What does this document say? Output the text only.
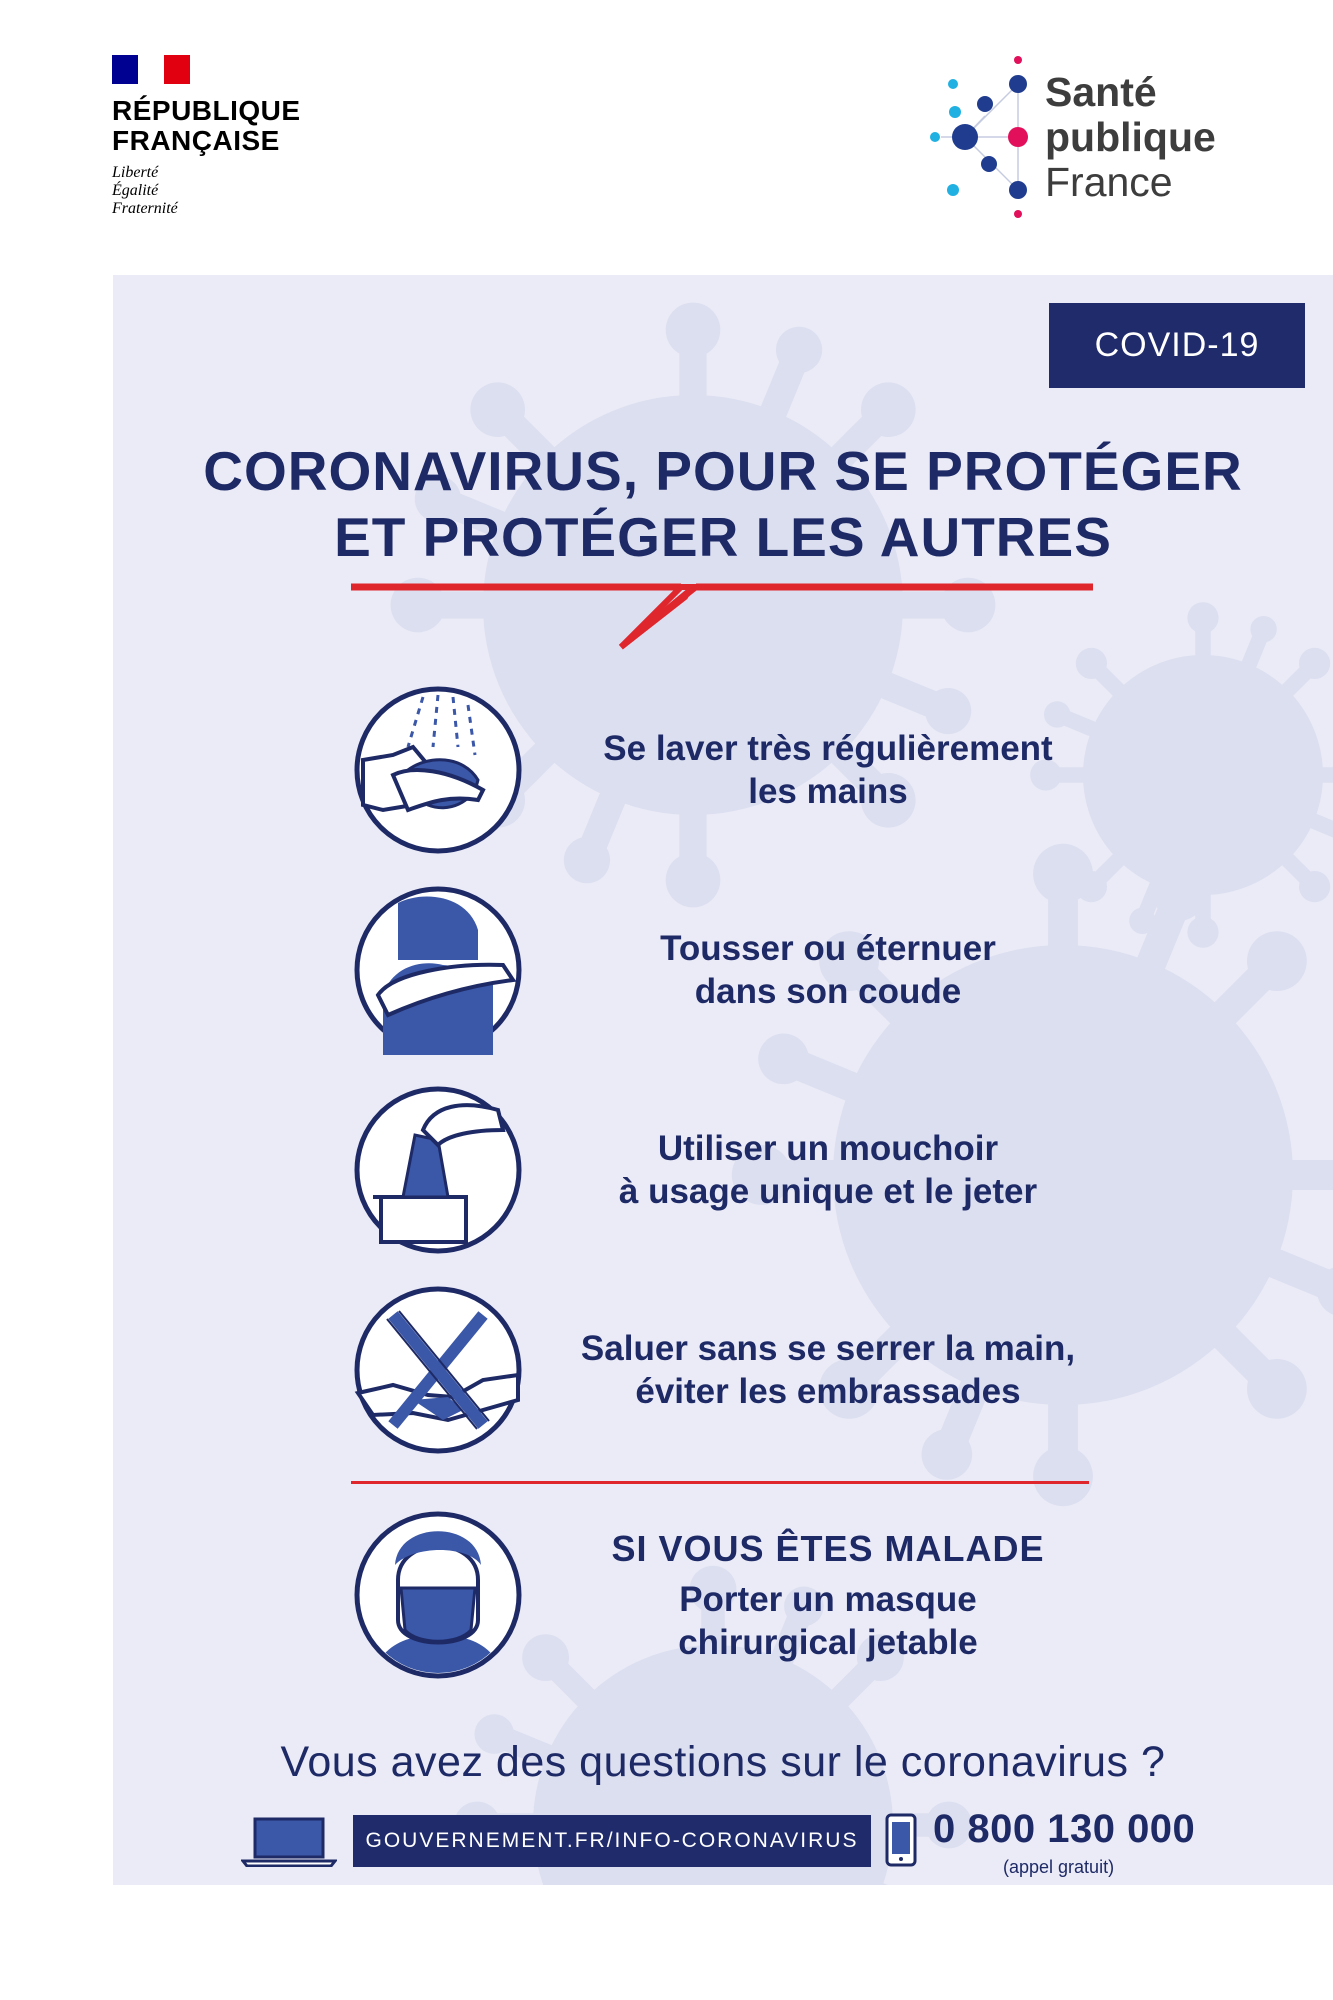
RÉPUBLIQUE
FRANÇAISE
Liberté
Égalité
Fraternité
Santé
publique
France
COVID-19
CORONAVIRUS, POUR SE PROTÉGER
ET PROTÉGER LES AUTRES
Se laver très régulièrement
les mains
Tousser ou éternuer
dans son coude
Utiliser un mouchoir
à usage unique et le jeter
Saluer sans se serrer la main,
éviter les embrassades
SI VOUS ÊTES MALADE
Porter un masque
chirurgical jetable
Vous avez des questions sur le coronavirus ?
GOUVERNEMENT.FR/INFO-CORONAVIRUS	0 800 130 000
(appel gratuit)
